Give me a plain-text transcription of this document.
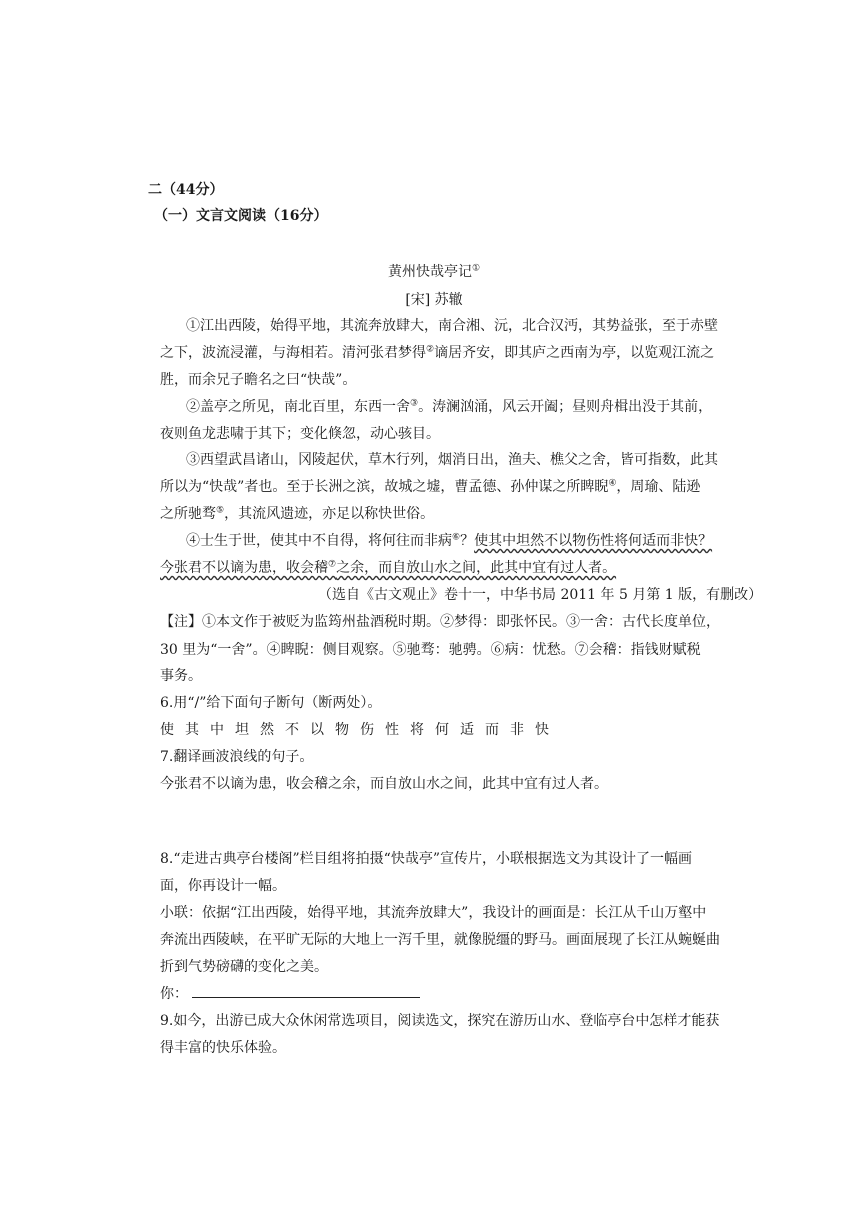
二（44分）
（一）文言文阅读（16分）
黄州快哉亭记①
[宋] 苏辙
①江出西陵，始得平地，其流奔放肆大，南合湘、沅，北合汉沔，其势益张，至于赤壁
之下，波流浸灌，与海相若。清河张君梦得②谪居齐安，即其庐之西南为亭，以览观江流之
胜，而余兄子瞻名之曰“快哉”。
②盖亭之所见，南北百里，东西一舍③。涛澜汹涌，风云开阖；昼则舟楫出没于其前，
夜则鱼龙悲啸于其下；变化倏忽，动心骇目。
③西望武昌诸山，冈陵起伏，草木行列，烟消日出，渔夫、樵父之舍，皆可指数，此其
所以为“快哉”者也。至于长洲之滨，故城之墟，曹孟德、孙仲谋之所睥睨④，周瑜、陆逊
之所驰骛⑤，其流风遗迹，亦足以称快世俗。
④士生于世，使其中不自得，将何往而非病⑥？使其中坦然不以物伤性将何适而非快？
今张君不以谪为患，收会稽⑦之余，而自放山水之间，此其中宜有过人者。
（选自《古文观止》卷十一，中华书局 2011 年 5 月第 1 版，有删改）
【注】①本文作于被贬为监筠州盐酒税时期。②梦得：即张怀民。③一舍：古代长度单位，
30 里为“一舍”。④睥睨：侧目观察。⑤驰骛：驰骋。⑥病：忧愁。⑦会稽：指钱财赋税
事务。
6.用“/”给下面句子断句（断两处）。
使其中坦然不以物伤性将何适而非快
7.翻译画波浪线的句子。
今张君不以谪为患，收会稽之余，而自放山水之间，此其中宜有过人者。
8.“走进古典亭台楼阁”栏目组将拍摄“快哉亭”宣传片，小联根据选文为其设计了一幅画
面，你再设计一幅。
小联：依据“江出西陵，始得平地，其流奔放肆大”，我设计的画面是：长江从千山万壑中
奔流出西陵峡，在平旷无际的大地上一泻千里，就像脱缰的野马。画面展现了长江从蜿蜒曲
折到气势磅礴的变化之美。
你：
9.如今，出游已成大众休闲常选项目，阅读选文，探究在游历山水、登临亭台中怎样才能获
得丰富的快乐体验。
